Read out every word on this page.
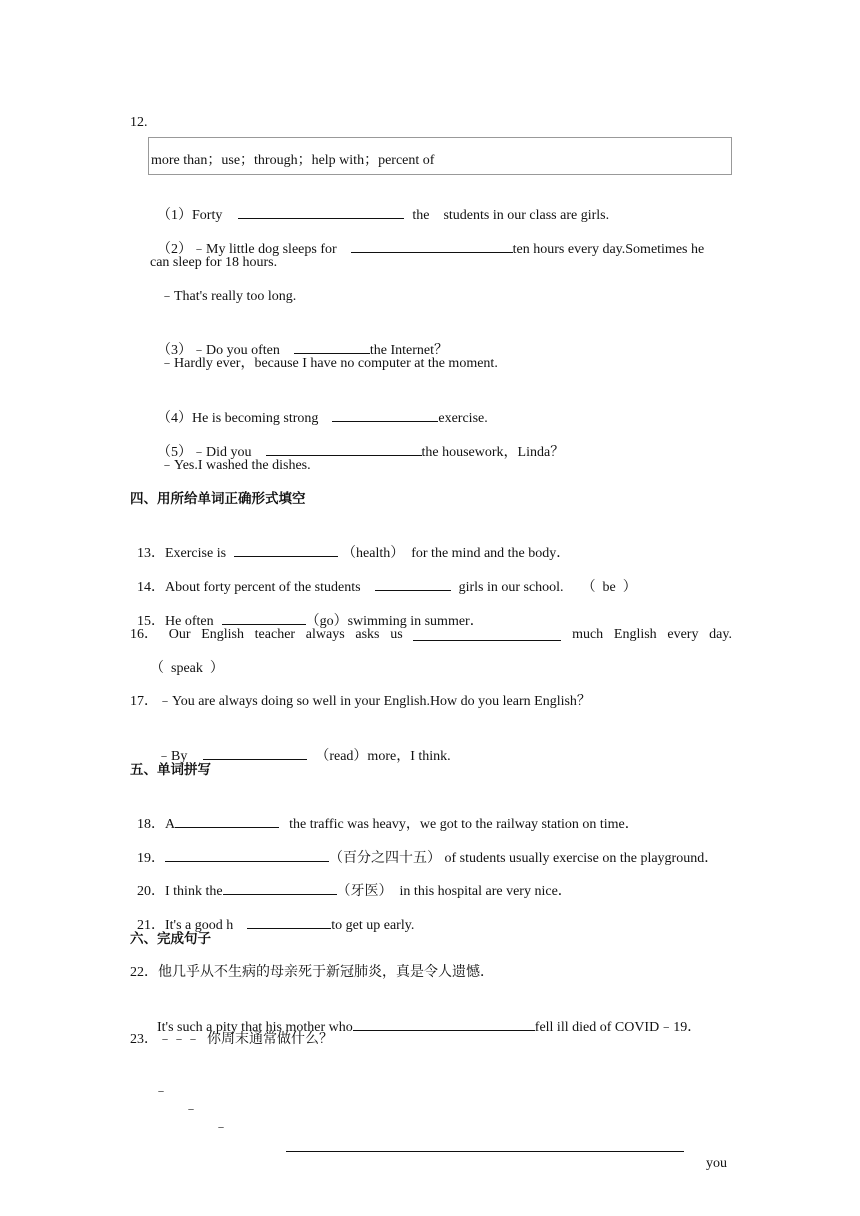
12.
more than；use；through；help with；percent of

（1）Forty	the students in our class are girls.

（2）﹣My little dog sleeps for	ten hours every day.Sometimes he

can sleep for 18 hours.
﹣That's really too long.

（3）﹣Do you often	the Internet？

﹣Hardly ever，because I have no computer at the moment.

（4）He is becoming strong	exercise.

（5）﹣Did you	the housework，Linda？

﹣Yes.I washed the dishes.
四、用所给单词正确形式填空

13．Exercise is	（health）  for the mind and the body．

14．About forty percent of the students	girls in our school. （  be  ）

15．He often	（go）swimming in summer．

16． Our English teacher always asks us	much English every day.
（  speak  ）
17．﹣You are always doing so well in your English.How do you learn English？

﹣By	（read）more，I think.

五、单词拼写

18．A	the traffic was heavy，we got to the railway station on time．

19．	（百分之四十五） of students usually exercise on the playground．

20．I think the	（牙医）  in this hospital are very nice．

21．It's a good h	to get up early.

六、完成句子
22．他几乎从不生病的母亲死于新冠肺炎，真是令人遗憾．

It's such a pity that his mother who	fell ill died of COVID﹣19．

23．﹣﹣﹣  你周末通常做什么？

﹣

﹣

﹣

you
